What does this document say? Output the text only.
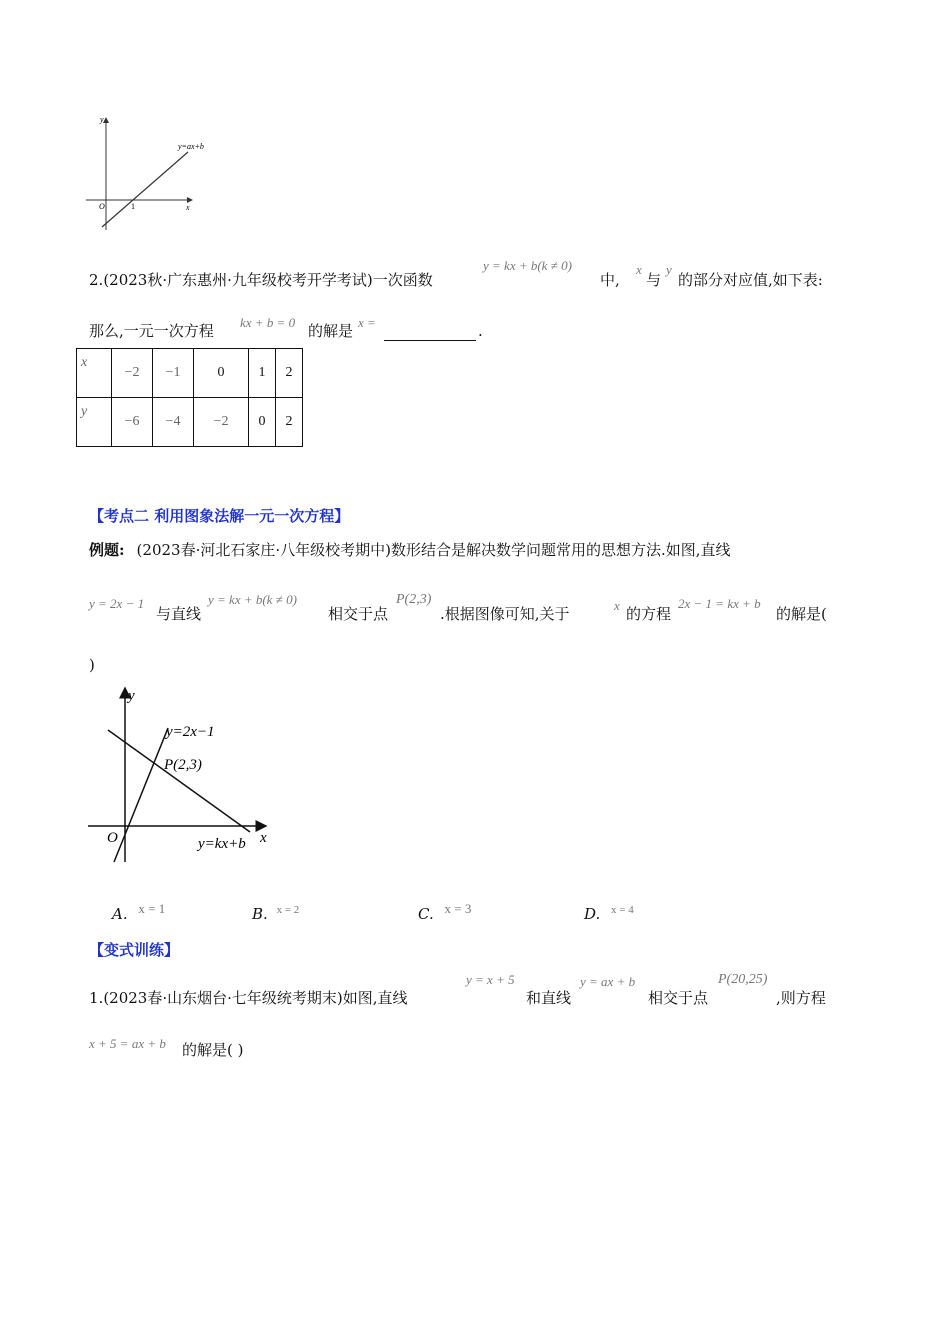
y
x
O	1
y=ax+b
2.(2023秋·广东惠州·九年级校考开学考试)一次函数
y = kx + b(k ≠ 0)
中,
x
与
y
的部分对应值,如下表:
那么,一元一次方程 kx + b = 0 的解是 x =	.
x	−2	−1	0	1	2
y	−6	−4	−2	0	2
【考点二 利用图象法解一元一次方程】
例题: (2023春·河北石家庄·八年级校考期中)数形结合是解决数学问题常用的思想方法.如图,直线
y = 2x − 1
与直线
y = kx + b(k ≠ 0)
相交于点
P(2,3)
.根据图像可知,关于	x 的方程
2x − 1 = kx + b
的解是(
)
y
x
O
y=2x−1
P(2,3)
y=kx+b
A. x = 1	B. $^{x = 2}$	C. x = 3	D. $^{x = 4}$
【变式训练】
1.(2023春·山东烟台·七年级统考期末)如图,直线
y = x + 5
和直线
y = ax + b
相交于点
P(20,25)
,则方程
x + 5 = ax + b 的解是( )
